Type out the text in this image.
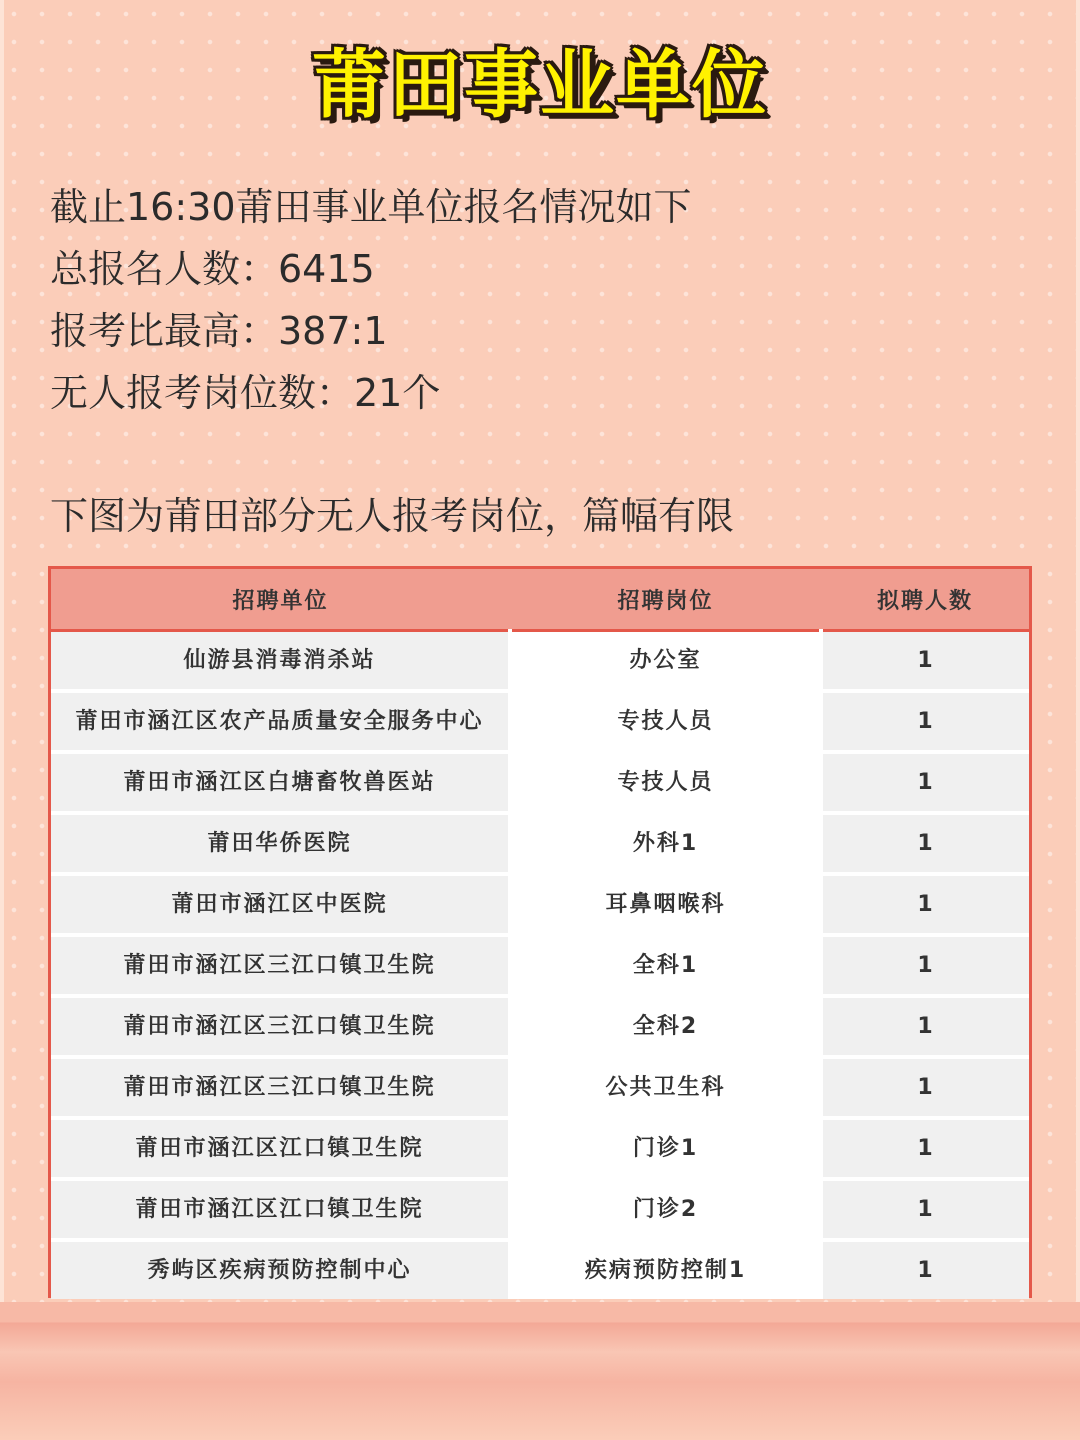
莆田事业单位
截止16:30莆田事业单位报名情况如下
总报名人数：6415
报考比最高：387:1
无人报考岗位数：21个
下图为莆田部分无人报考岗位，篇幅有限
招聘单位	招聘岗位	拟聘人数
仙游县消毒消杀站	办公室	1
莆田市涵江区农产品质量安全服务中心	专技人员	1
莆田市涵江区白塘畜牧兽医站	专技人员	1
莆田华侨医院	外科1	1
莆田市涵江区中医院	耳鼻咽喉科	1
莆田市涵江区三江口镇卫生院	全科1	1
莆田市涵江区三江口镇卫生院	全科2	1
莆田市涵江区三江口镇卫生院	公共卫生科	1
莆田市涵江区江口镇卫生院	门诊1	1
莆田市涵江区江口镇卫生院	门诊2	1
秀屿区疾病预防控制中心	疾病预防控制1	1
